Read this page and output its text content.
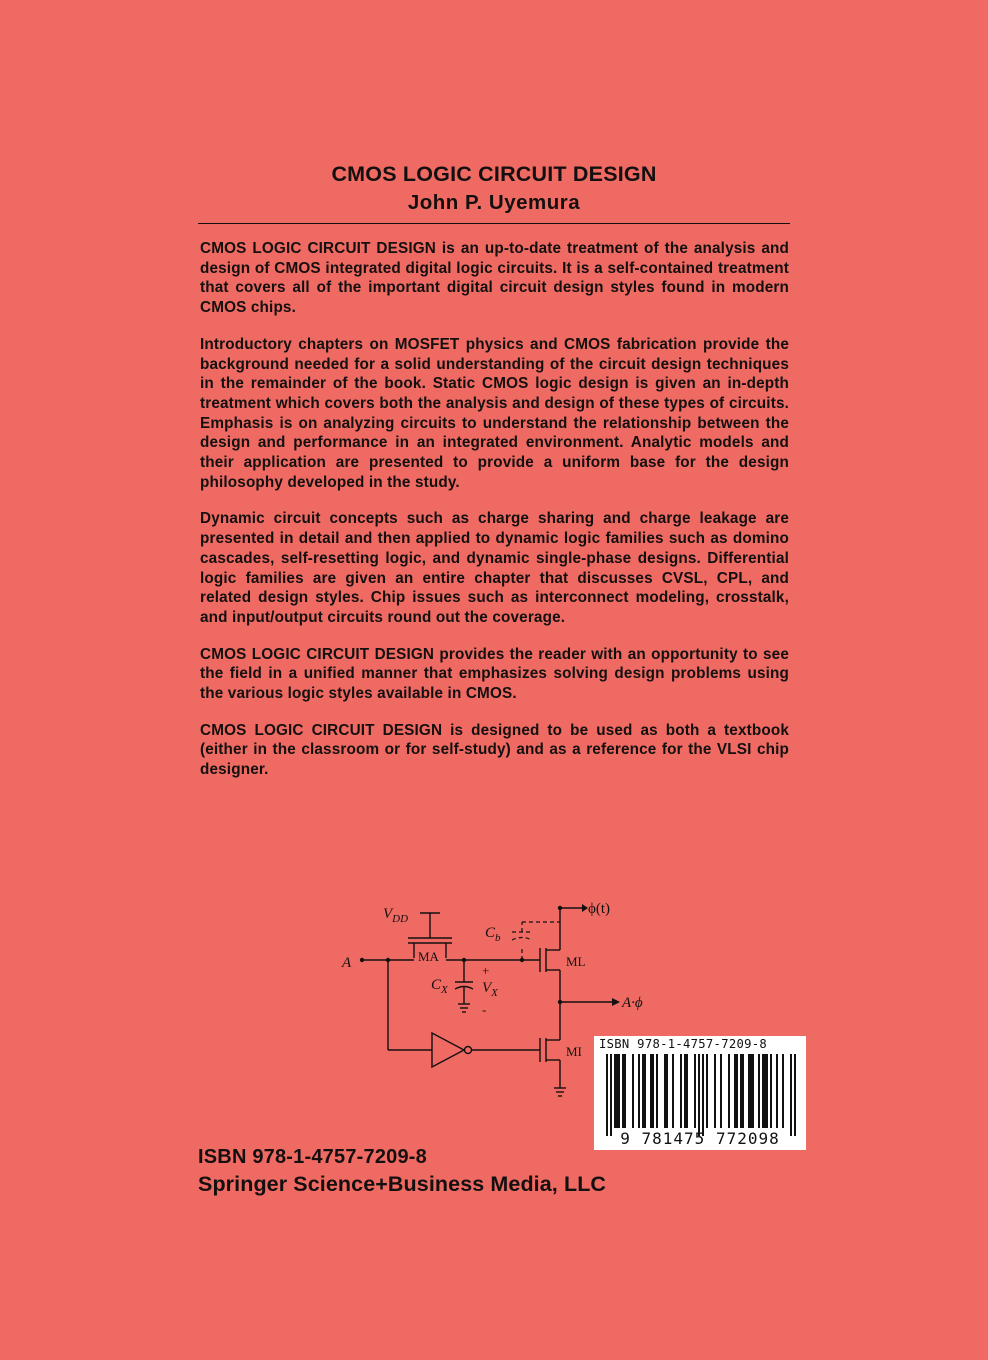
CMOS LOGIC CIRCUIT DESIGN
John P. Uyemura

CMOS LOGIC CIRCUIT DESIGN is an up-to-date treatment of the analysis and design of CMOS integrated digital logic circuits. It is a self-contained treatment that covers all of the important digital circuit design styles found in modern CMOS chips.

Introductory chapters on MOSFET physics and CMOS fabrication provide the background needed for a solid understanding of the circuit design techniques in the remainder of the book. Static CMOS logic design is given an in-depth treatment which covers both the analysis and design of these types of circuits. Emphasis is on analyzing circuits to understand the relationship between the design and performance in an integrated environment. Analytic models and their application are presented to provide a uniform base for the design philosophy developed in the study.

Dynamic circuit concepts such as charge sharing and charge leakage are presented in detail and then applied to dynamic logic families such as domino cascades, self-resetting logic, and dynamic single-phase designs. Differential logic families are given an entire chapter that discusses CVSL, CPL, and related design styles. Chip issues such as interconnect modeling, crosstalk, and input/output circuits round out the coverage.

CMOS LOGIC CIRCUIT DESIGN provides the reader with an opportunity to see the field in a unified manner that emphasizes solving design problems using the various logic styles available in CMOS.

CMOS LOGIC CIRCUIT DESIGN is designed to be used as both a textbook (either in the classroom or for self-study) and as a reference for the VLSI chip designer.

$V_{DD}$
$C_b$
ϕ(t)
A	MA	ML
MI
$C_X$ $V_X$
+
-	A·ϕ
ISBN 978-1-4757-7209-8
9 781475 772098
ISBN 978-1-4757-7209-8
Springer Science+Business Media, LLC
